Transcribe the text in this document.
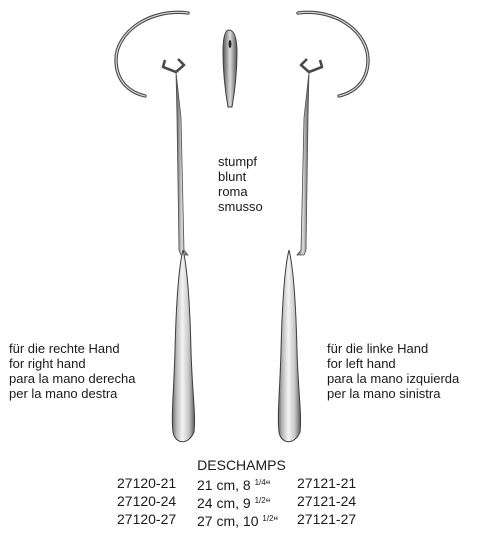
stumpf
blunt
roma
smusso
für die rechte Hand
for right hand
para la mano derecha
per la mano destra
für die linke Hand
for left hand
para la mano izquierda
per la mano sinistra
DESCHAMPS
27120-21 21 cm, 8 $^{1/4}$“ 27121-21
27120-24 24 cm, 9 $^{1/2}$“ 27121-24
27120-27 27 cm, 10 $^{1/2}$“ 27121-27
